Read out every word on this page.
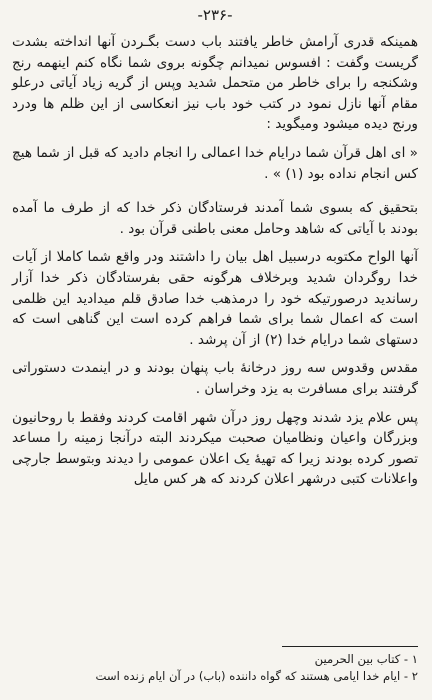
-۲۳۶-

همینکه قدری آرامش خاطر یافتند باب دست بگـردن آنها انداخته بشدت گریست وگفت : افسوس نمیدانم چگونه بروی شما نگاه کنم اینهمه رنج وشکنجه را برای خاطر من متحمل شدید وپس از گریه زیاد آیاتی درعلو مقام آنها نازل نمود در کتب خود باب نیز انعکاسی از این ظلم ها ودرد ورنج دیده میشود ومیگوید :

« ای اهل قرآن شما درایام خدا اعمالی را انجام دادید که قبل از شما هیچ کس انجام نداده بود (۱) » .

بتحقیق که بسوی شما آمدند فرستادگان ذکر خدا که از طرف ما آمده بودند با آیاتی که شاهد وحامل معنی باطنی قرآن بود .

آنها الواح مکتوبه درسبیل اهل بیان را داشتند ودر واقع شما کاملا از آیات خدا روگردان شدید وبرخلاف هرگونه حقی بفرستادگان ذکر خدا آزار رساندید درصورتیکه خود را درمذهب خدا صادق قلم میدادید این ظلمی است که اعمال شما برای شما فراهم کرده است این گناهی است که دستهای شما درایام خدا (۲) از آن پرشد .

مقدس وقدوس سه روز درخانهٔ باب پنهان بودند و در اینمدت دستوراتی گرفتند برای مسافرت به یزد وخراسان .

پس علام یزد شدند وچهل روز درآن شهر اقامت کردند وفقط با روحانیون وبزرگان واعیان ونظامیان صحبت میکردند البته درآنجا زمینه را مساعد تصور کرده بودند زیرا که تهیهٔ یک اعلان عمومی را دیدند وبتوسط جارچی واعلانات کتبی درشهر اعلان کردند که هر کس مایل

۱ - کتاب بین الحرمین
۲ - ایام خدا ایامی هستند که گواه داننده (باب) در آن ایام زنده است
